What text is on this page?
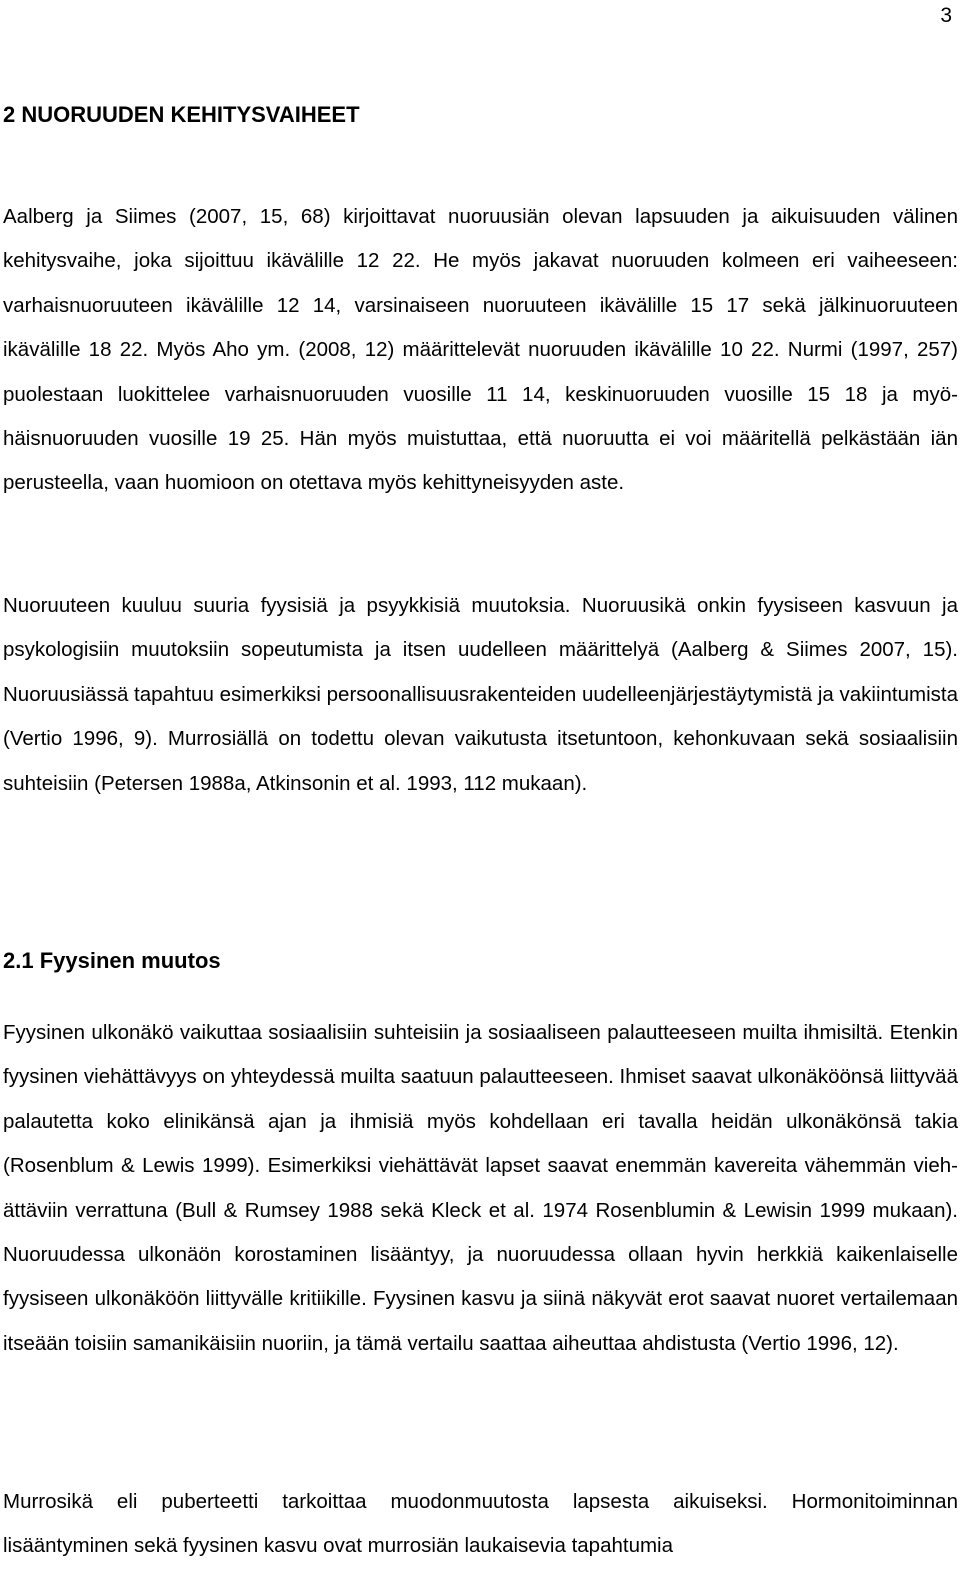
3
2 NUORUUDEN KEHITYSVAIHEET

Aalberg ja Siimes (2007, 15, 68) kirjoittavat nuoruusiän olevan lapsuuden ja aikuisuuden välinen kehitysvaihe, joka sijoittuu ikävälille 12 22. He myös jakavat nuoruuden kolmeen eri vaiheeseen: varhaisnuoruuteen ikävälille 12 14, varsinaiseen nuoruuteen ikävälille 15 17 sekä jälkinuoruuteen ikävälille 18 22. Myös Aho ym. (2008, 12) määrittelevät nuoruuden ikävälille 10 22. Nurmi (1997, 257) puolestaan luokittelee varhaisnuoruuden vuosille 11 14, keskinuoruuden vuosille 15 18 ja myöhäisnuoruuden vuosille 19 25. Hän myös muistuttaa, että nuoruutta ei voi määritellä pelkästään iän perusteella, vaan huomioon on otettava myös kehittyneisyyden aste.

Nuoruuteen kuuluu suuria fyysisiä ja psyykkisiä muutoksia. Nuoruusikä onkin fyysiseen kasvuun ja psykologisiin muutoksiin sopeutumista ja itsen uudelleen määrittelyä (Aalberg & Siimes 2007, 15). Nuoruusiässä tapahtuu esimerkiksi persoonallisuusrakenteiden uudelleenjärjestäytymistä ja vakiintumista (Vertio 1996, 9). Murrosiällä on todettu olevan vaikutusta itsetuntoon, kehonkuvaan sekä sosiaalisiin suhteisiin (Petersen 1988a, Atkinsonin et al. 1993, 112 mukaan).

2.1 Fyysinen muutos

Fyysinen ulkonäkö vaikuttaa sosiaalisiin suhteisiin ja sosiaaliseen palautteeseen muilta ihmisiltä. Etenkin fyysinen viehättävyys on yhteydessä muilta saatuun palautteeseen. Ihmiset saavat ulkonäköönsä liittyvää palautetta koko elinikänsä ajan ja ihmisiä myös kohdellaan eri tavalla heidän ulkonäkönsä takia (Rosenblum & Lewis 1999). Esimerkiksi viehättävät lapset saavat enemmän kavereita vähemmän viehättäviin verrattuna (Bull & Rumsey 1988 sekä Kleck et al. 1974 Rosenblumin & Lewisin 1999 mukaan). Nuoruudessa ulkonäön korostaminen lisääntyy, ja nuoruudessa ollaan hyvin herkkiä kaikenlaiselle fyysiseen ulkonäköön liittyvälle kritiikille. Fyysinen kasvu ja siinä näkyvät erot saavat nuoret vertailemaan itseään toisiin samanikäisiin nuoriin, ja tämä vertailu saattaa aiheuttaa ahdistusta (Vertio 1996, 12).

Murrosikä eli puberteetti tarkoittaa muodonmuutosta lapsesta aikuiseksi. Hormonitoiminnan lisääntyminen sekä fyysinen kasvu ovat murrosiän laukaisevia tapahtumia
